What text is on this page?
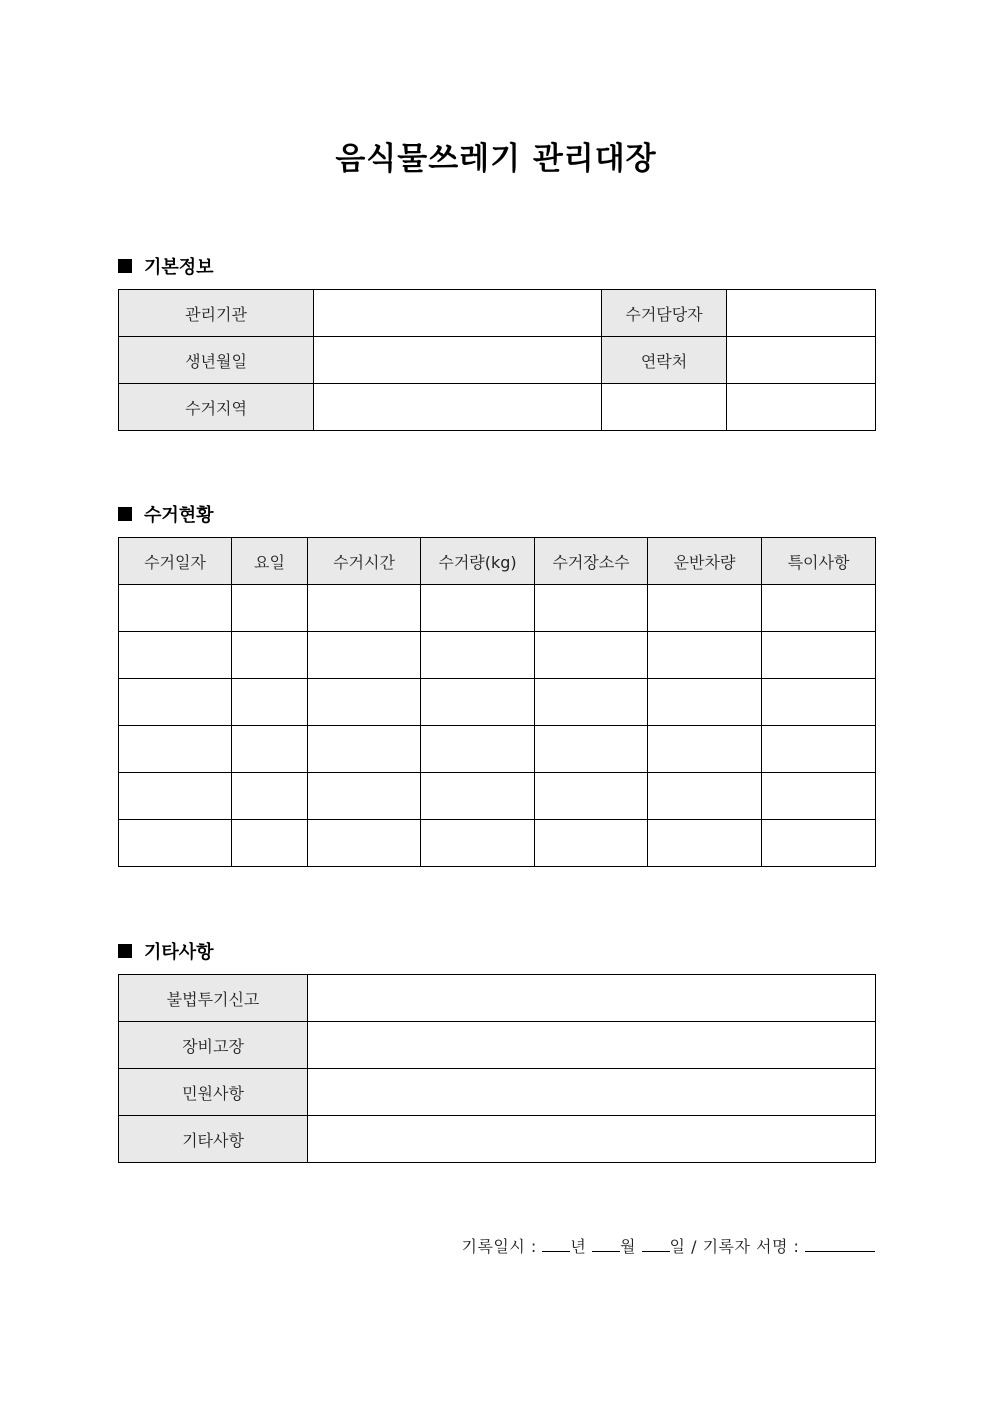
음식물쓰레기 관리대장
기본정보
관리기관		수거담당자	
생년월일		연락처	
수거지역			
수거현황
수거일자	요일	수거시간	수거량(kg)	수거장소수	운반차량	특이사항

기타사항
불법투기신고	
장비고장	
민원사항	
기타사항	
기록일시 : 년 월 일 / 기록자 서명 :
